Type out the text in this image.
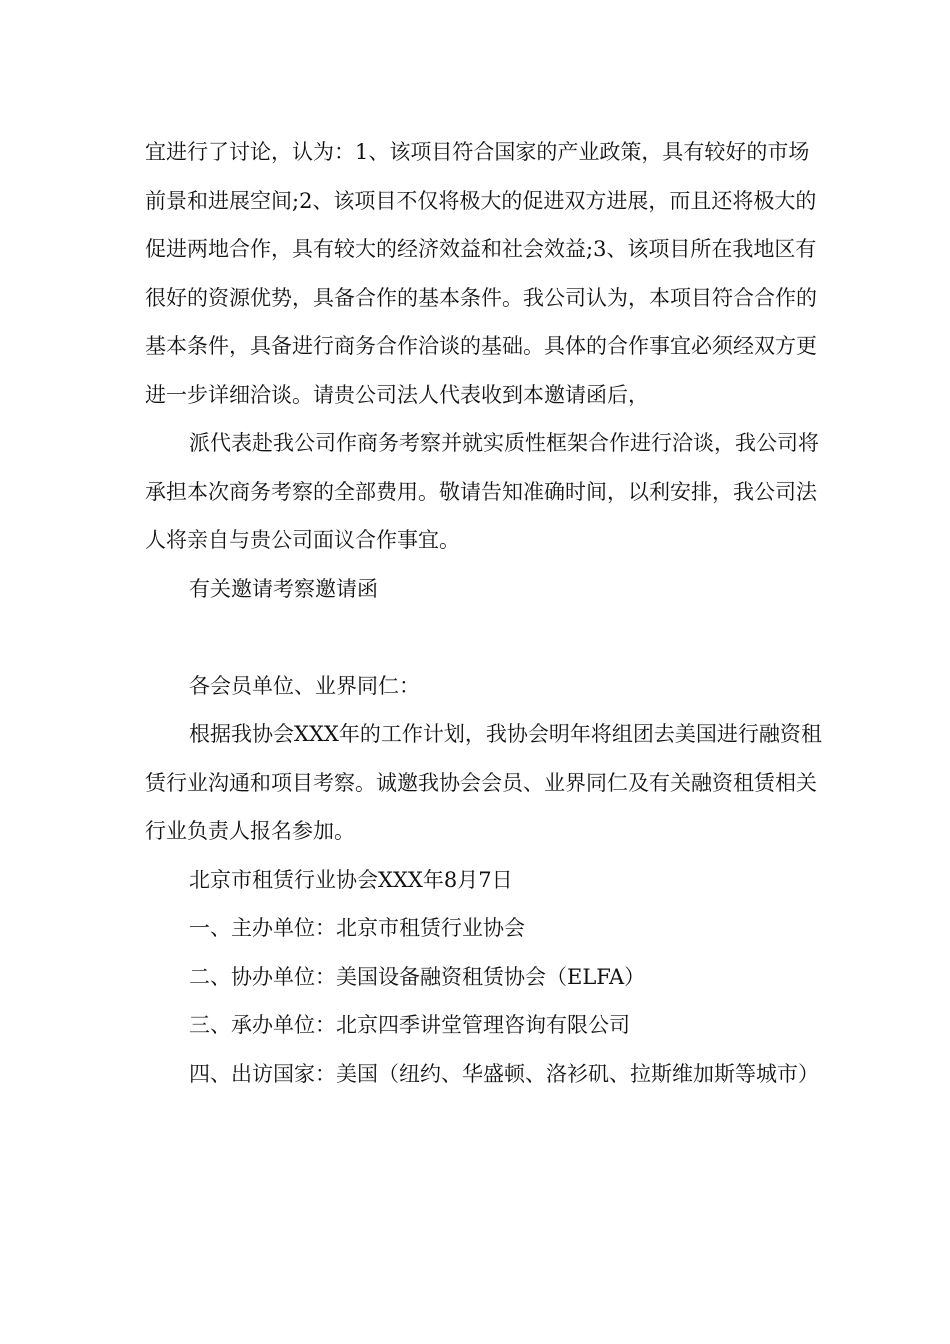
宜进行了讨论，认为：1、该项目符合国家的产业政策，具有较好的市场前景和进展空间;2、该项目不仅将极大的促进双方进展，而且还将极大的促进两地合作，具有较大的经济效益和社会效益;3、该项目所在我地区有很好的资源优势，具备合作的基本条件。我公司认为，本项目符合合作的基本条件，具备进行商务合作洽谈的基础。具体的合作事宜必须经双方更进一步详细洽谈。请贵公司法人代表收到本邀请函后，

派代表赴我公司作商务考察并就实质性框架合作进行洽谈，我公司将承担本次商务考察的全部费用。敬请告知准确时间，以利安排，我公司法人将亲自与贵公司面议合作事宜。

有关邀请考察邀请函

各会员单位、业界同仁：

根据我协会XXX年的工作计划，我协会明年将组团去美国进行融资租赁行业沟通和项目考察。诚邀我协会会员、业界同仁及有关融资租赁相关行业负责人报名参加。

北京市租赁行业协会XXX年8月7日

一、主办单位：北京市租赁行业协会

二、协办单位：美国设备融资租赁协会（ELFA）

三、承办单位：北京四季讲堂管理咨询有限公司

四、出访国家：美国（纽约、华盛顿、洛衫矶、拉斯维加斯等城市）
